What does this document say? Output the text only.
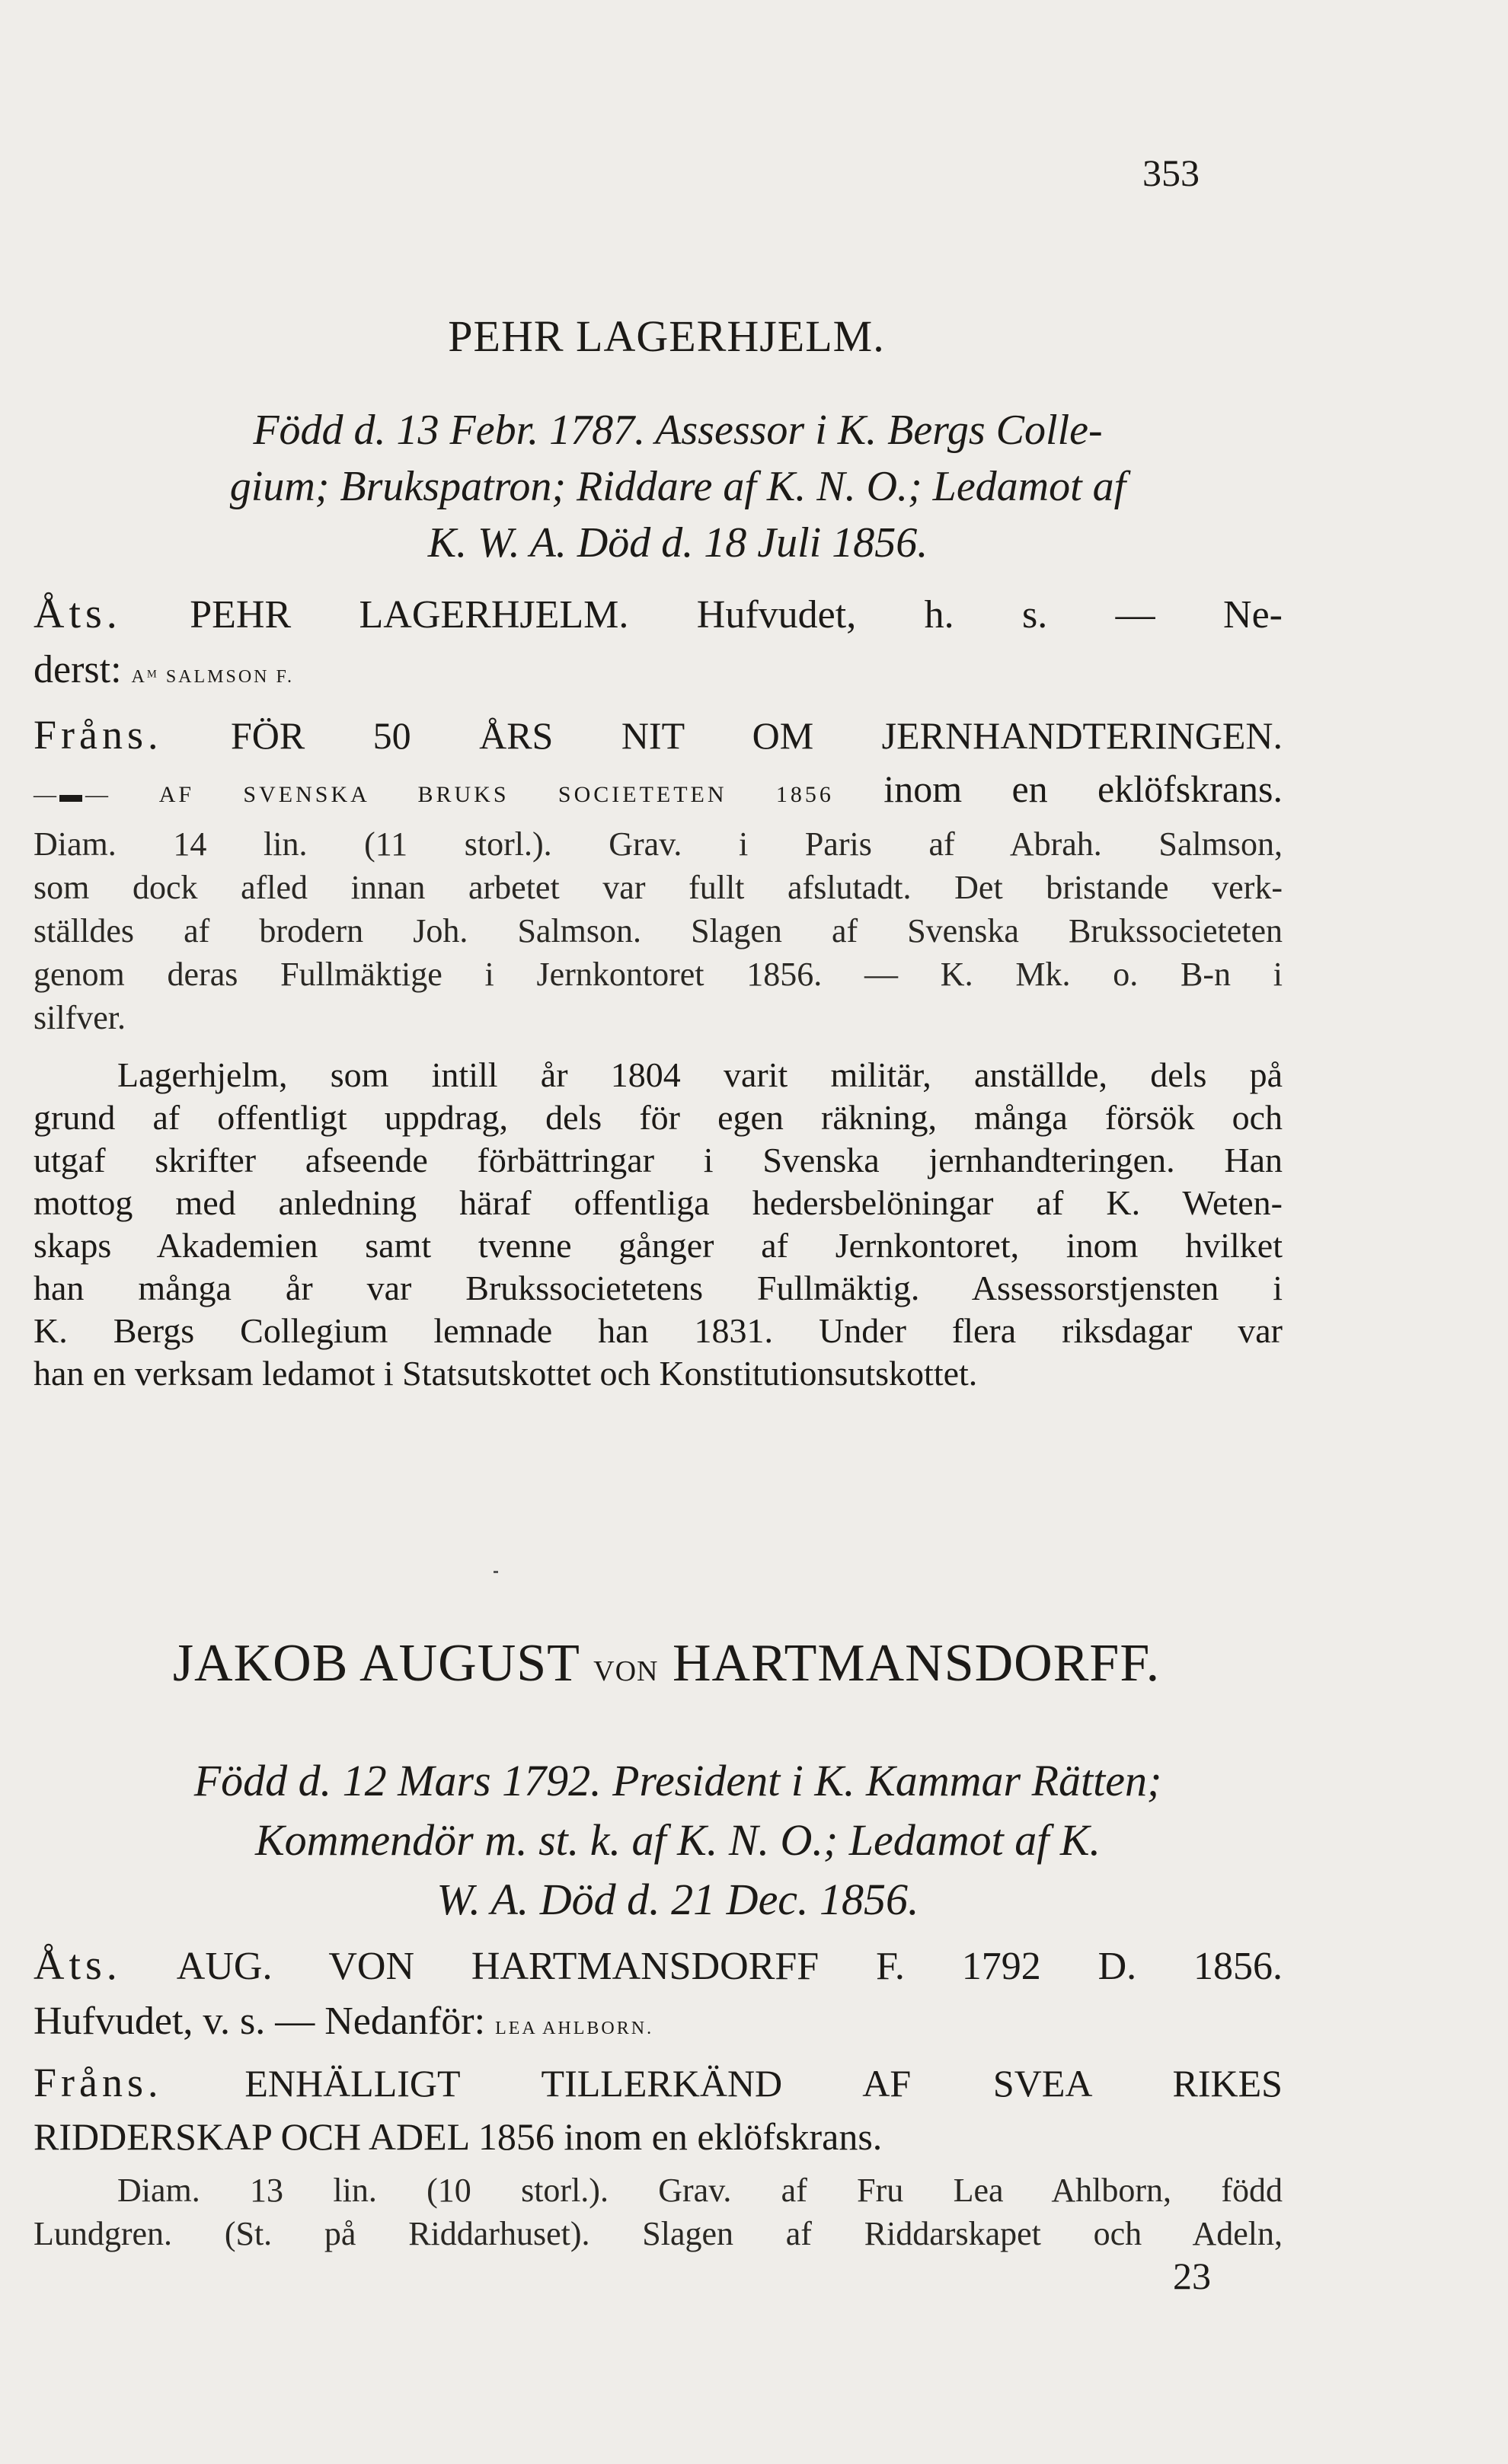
353
PEHR LAGERHJELM.
Född d. 13 Febr. 1787. Assessor i K. Bergs Colle-
gium; Brukspatron; Riddare af K. N. O.; Ledamot af
K. W. A. Död d. 18 Juli 1856.
Åts. PEHR LAGERHJELM. Hufvudet, h. s. — Ne-
derst: Aᴹ SALMSON F.
Fråns. FÖR 50 ÅRS NIT OM JERNHANDTERINGEN.
—▬— AF SVENSKA BRUKS SOCIETETEN 1856 inom en eklöfskrans.
Diam. 14 lin. (11 storl.). Grav. i Paris af Abrah. Salmson,
som dock afled innan arbetet var fullt afslutadt. Det bristande verk-
ställdes af brodern Joh. Salmson. Slagen af Svenska Brukssocieteten
genom deras Fullmäktige i Jernkontoret 1856. — K. Mk. o. B-n i
silfver.
Lagerhjelm, som intill år 1804 varit militär, anställde, dels på
grund af offentligt uppdrag, dels för egen räkning, många försök och
utgaf skrifter afseende förbättringar i Svenska jernhandteringen. Han
mottog med anledning häraf offentliga hedersbelöningar af K. Weten-
skaps Akademien samt tvenne gånger af Jernkontoret, inom hvilket
han många år var Brukssocietetens Fullmäktig. Assessorstjensten i
K. Bergs Collegium lemnade han 1831. Under flera riksdagar var
han en verksam ledamot i Statsutskottet och Konstitutionsutskottet.
JAKOB AUGUST VON HARTMANSDORFF.
Född d. 12 Mars 1792. President i K. Kammar Rätten;
Kommendör m. st. k. af K. N. O.; Ledamot af K.
W. A. Död d. 21 Dec. 1856.
Åts. AUG. VON HARTMANSDORFF F. 1792 D. 1856.
Hufvudet, v. s. — Nedanför: LEA AHLBORN.
Fråns. ENHÄLLIGT TILLERKÄND AF SVEA RIKES
RIDDERSKAP OCH ADEL 1856 inom en eklöfskrans.
Diam. 13 lin. (10 storl.). Grav. af Fru Lea Ahlborn, född
Lundgren. (St. på Riddarhuset). Slagen af Riddarskapet och Adeln,
23
